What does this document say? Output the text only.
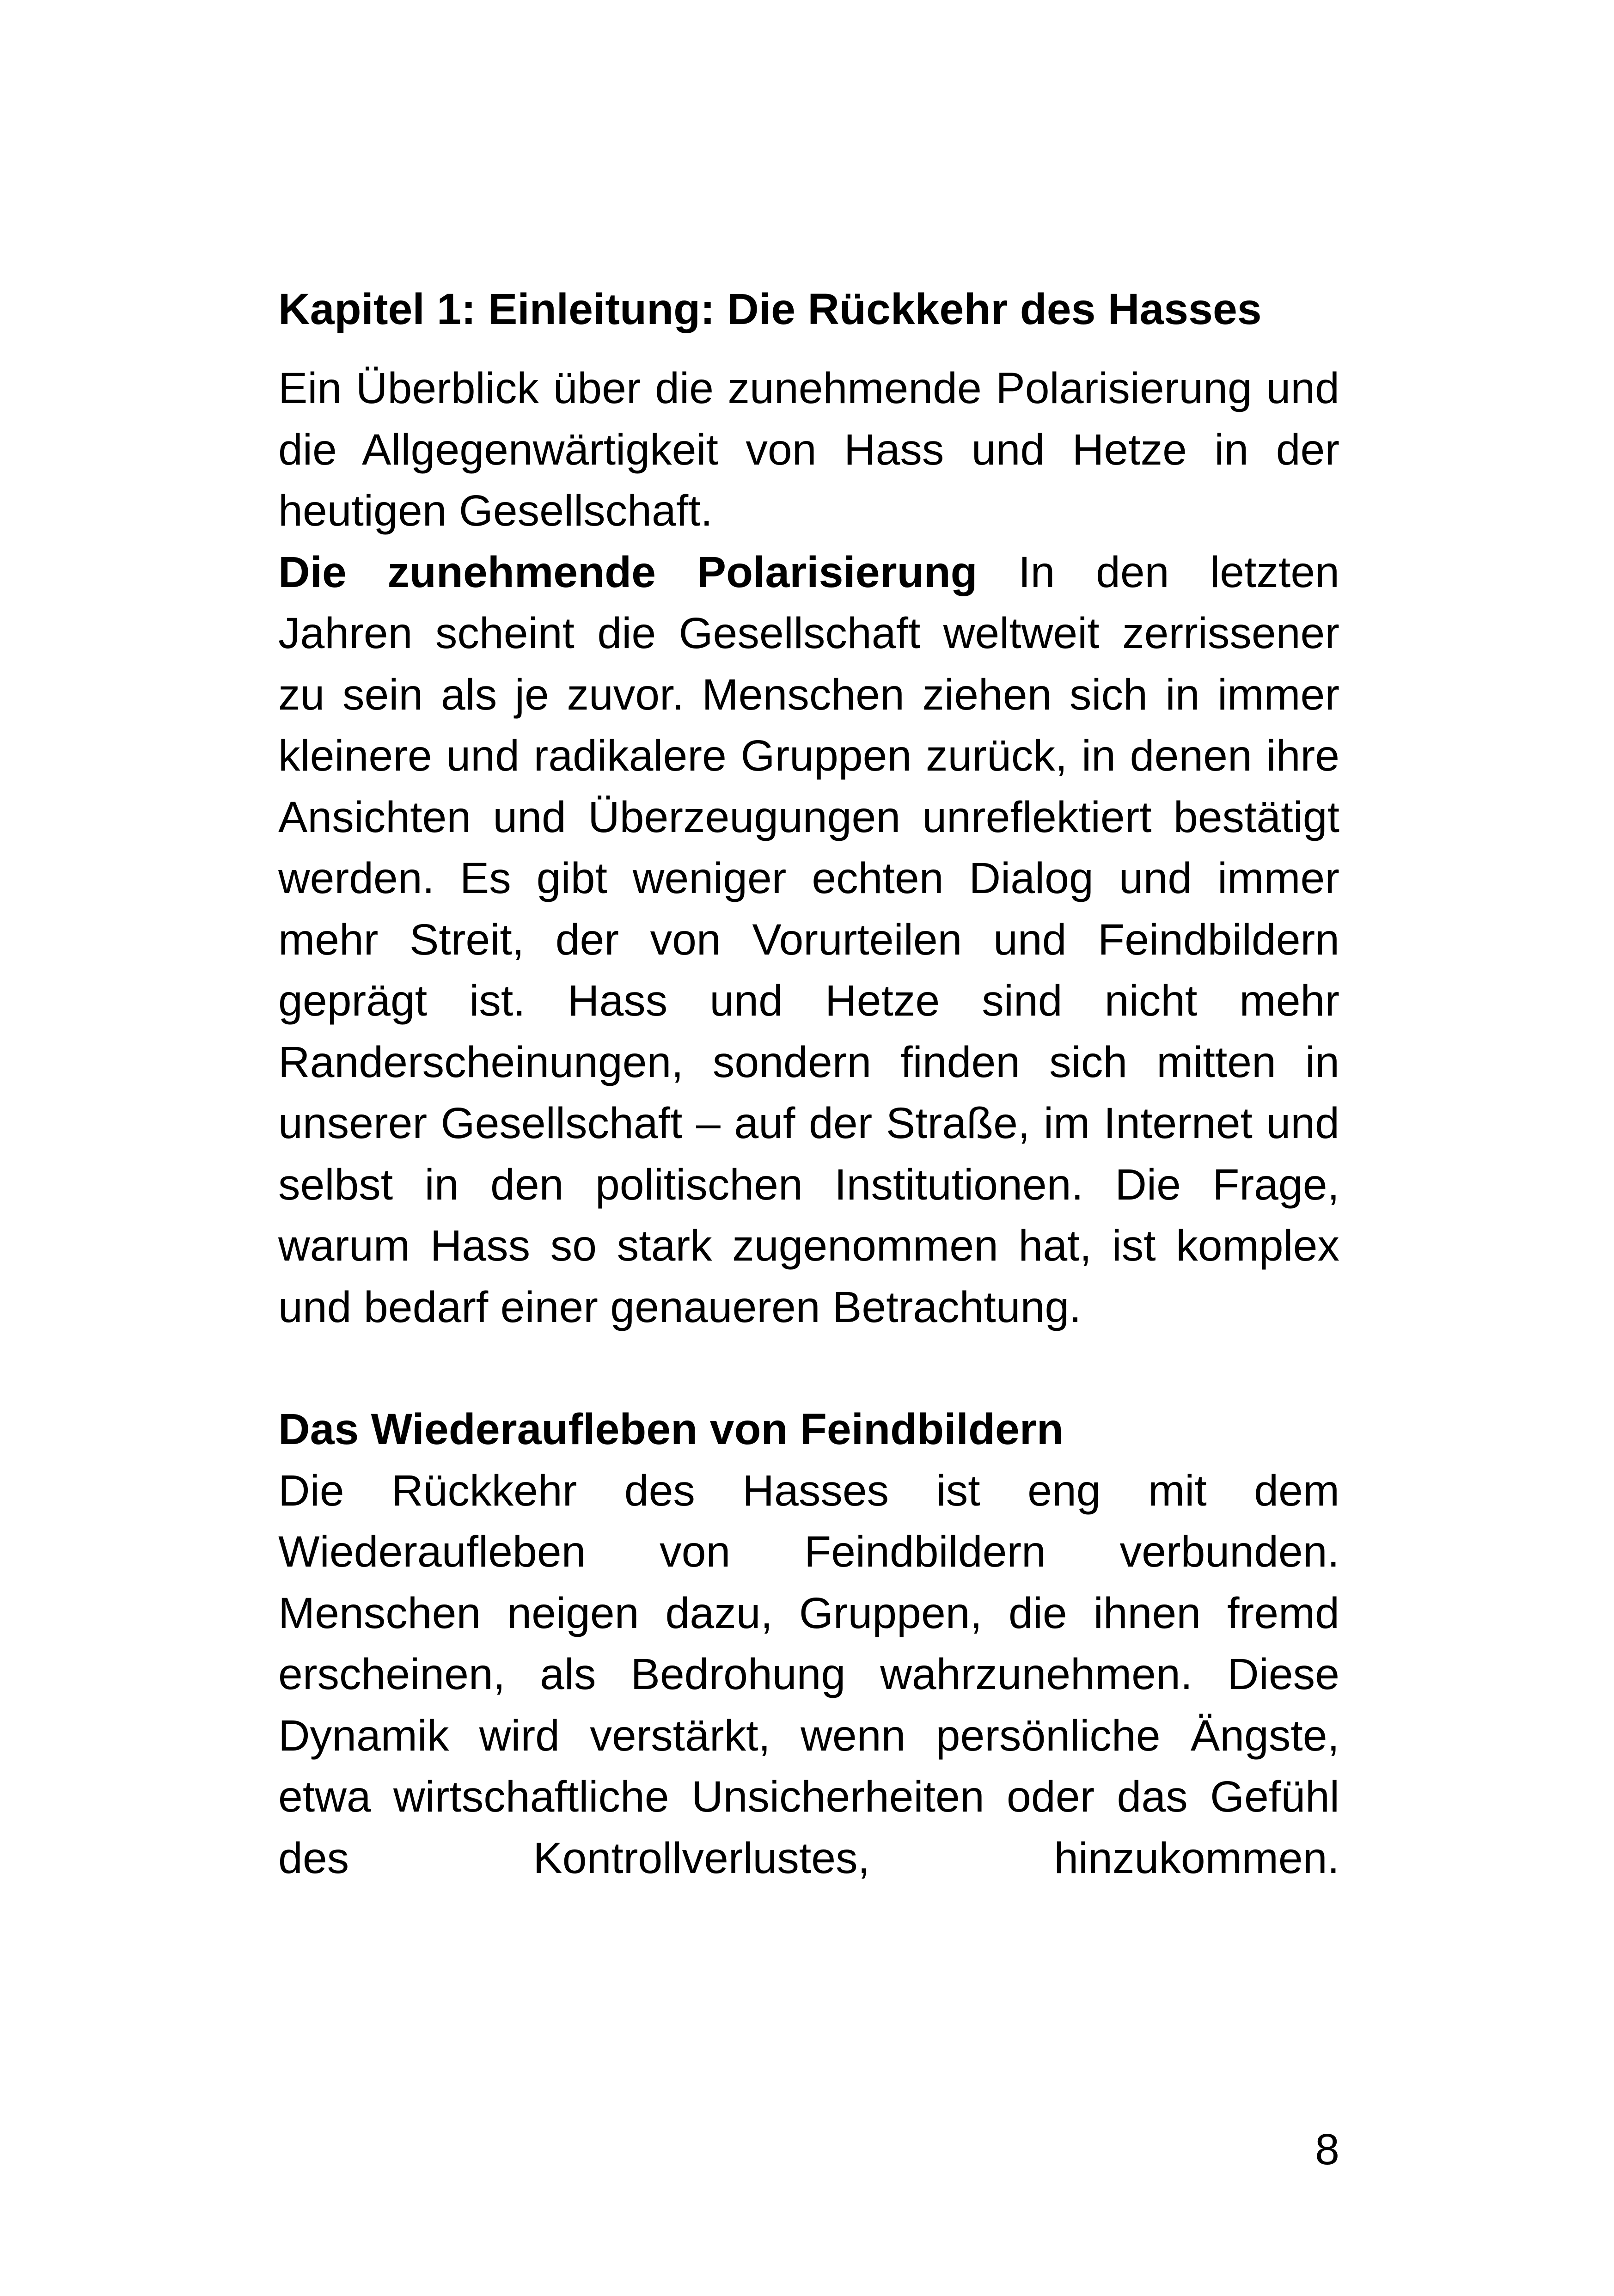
Kapitel 1: Einleitung: Die Rückkehr des Hasses

Ein Überblick über die zunehmende Polarisierung und die Allgegenwärtigkeit von Hass und Hetze in der heutigen Gesellschaft.

Die zunehmende Polarisierung In den letzten Jahren scheint die Gesellschaft weltweit zerrissener zu sein als je zuvor. Menschen ziehen sich in immer kleinere und radikalere Gruppen zurück, in denen ihre Ansichten und Überzeugungen unreflektiert bestätigt werden. Es gibt weniger echten Dialog und immer mehr Streit, der von Vorurteilen und Feindbildern geprägt ist. Hass und Hetze sind nicht mehr Randerscheinungen, sondern finden sich mitten in unserer Gesellschaft – auf der Straße, im Internet und selbst in den politischen Institutionen. Die Frage, warum Hass so stark zugenommen hat, ist komplex und bedarf einer genaueren Betrachtung.

Das Wiederaufleben von Feindbildern

Die Rückkehr des Hasses ist eng mit dem Wiederaufleben von Feindbildern verbunden. Menschen neigen dazu, Gruppen, die ihnen fremd erscheinen, als Bedrohung wahrzunehmen. Diese Dynamik wird verstärkt, wenn persönliche Ängste, etwa wirtschaftliche Unsicherheiten oder das Gefühl des Kontrollverlustes, hinzukommen.

8
